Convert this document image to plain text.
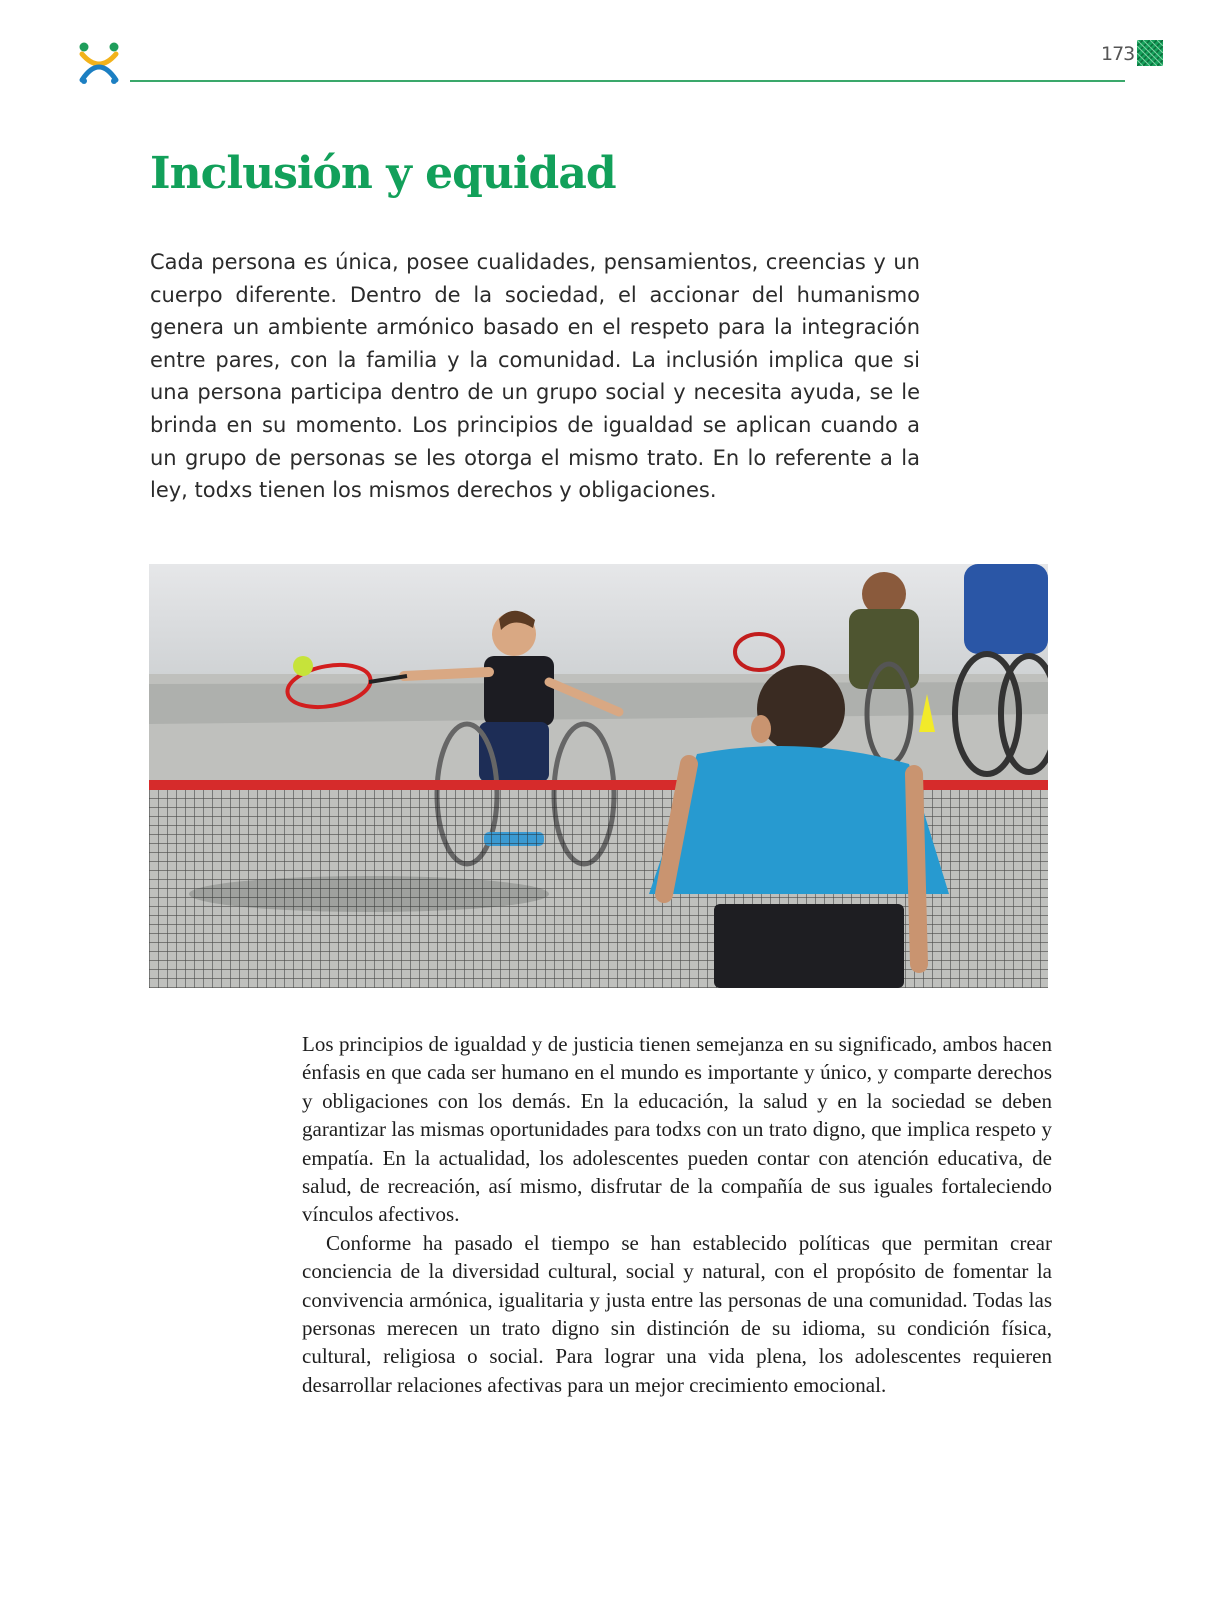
173
Inclusión y equidad

Cada persona es única, posee cualidades, pensamientos, creencias y un cuerpo diferente. Dentro de la sociedad, el accionar del humanismo genera un ambiente armónico basado en el respeto para la integración entre pares, con la familia y la comunidad. La inclusión implica que si una persona participa dentro de un grupo social y necesita ayuda, se le brinda en su momento. Los principios de igualdad se aplican cuando a un grupo de personas se les otorga el mismo trato. En lo referente a la ley, todxs tienen los mismos derechos y obligaciones.

Los principios de igualdad y de justicia tienen semejanza en su significado, ambos hacen énfasis en que cada ser humano en el mundo es importante y único, y comparte derechos y obligaciones con los demás. En la educación, la salud y en la sociedad se deben garantizar las mismas oportunidades para todxs con un trato digno, que implica respeto y empatía. En la actualidad, los adolescentes pueden contar con atención educativa, de salud, de recreación, así mismo, disfrutar de la compañía de sus iguales fortaleciendo vínculos afectivos.

Conforme ha pasado el tiempo se han establecido políticas que permitan crear conciencia de la diversidad cultural, social y natural, con el propósito de fomentar la convivencia armónica, igualitaria y justa entre las personas de una comunidad. Todas las personas merecen un trato digno sin distinción de su idioma, su condición física, cultural, religiosa o social. Para lograr una vida plena, los adolescentes requieren desarrollar relaciones afectivas para un mejor crecimiento emocional.
